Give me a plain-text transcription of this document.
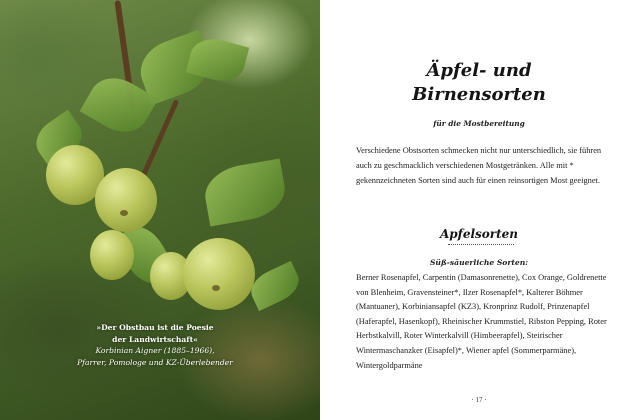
»Der Obstbau ist die Poesie
der Landwirtschaft«
Korbinian Aigner (1885–1966),
Pfarrer, Pomologe und KZ-Überlebender
Äpfel- und
Birnensorten
für die Mostbereitung
Verschiedene Obstsorten schmecken nicht nur unterschiedlich, sie führen auch zu geschmacklich verschiedenen Mostgetränken. Alle mit * gekennzeichneten Sorten sind auch für einen reinsortigen Most geeignet.
Apfelsorten
Süß-säuerliche Sorten:
Berner Rosenapfel, Carpentin (Damasonrenette), Cox Orange, Goldrenette von Blenheim, Gravensteiner*, Ilzer Rosenapfel*, Kalterer Böhmer (Mantuaner), Korbiniansapfel (KZ3), Kronprinz Rudolf, Prinzenapfel (Haferapfel, Hasenkopf), Rheinischer Krummstiel, Ribston Pepping, Roter Herbstkalvill, Roter Winterkalvill (Himbeerapfel), Steirischer Wintermaschanzker (Eisapfel)*, Wiener apfel (Sommerparmäne), Wintergoldparmäne
· 17 ·
